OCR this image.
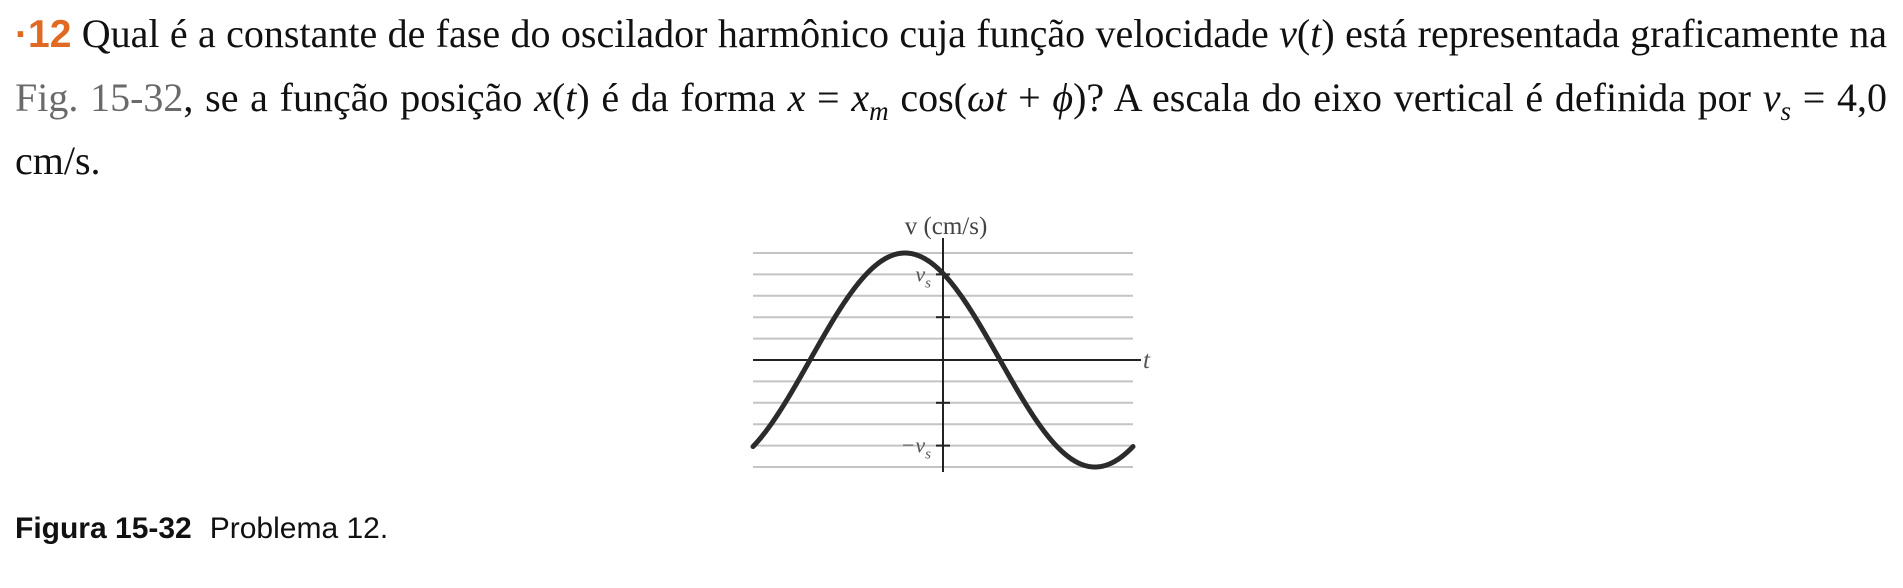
·12 Qual é a constante de fase do oscilador harmônico cuja função velocidade v(t) está representada graficamente na Fig. 15-32, se a função posição x(t) é da forma $x = x_m$ cos(ωt + ϕ)? A escala do eixo vertical é definida por $v_s = 4,0$ cm/s.

v (cm/s)
t
$v_s$
$-v_s$
Figura 15-32 Problema 12.
